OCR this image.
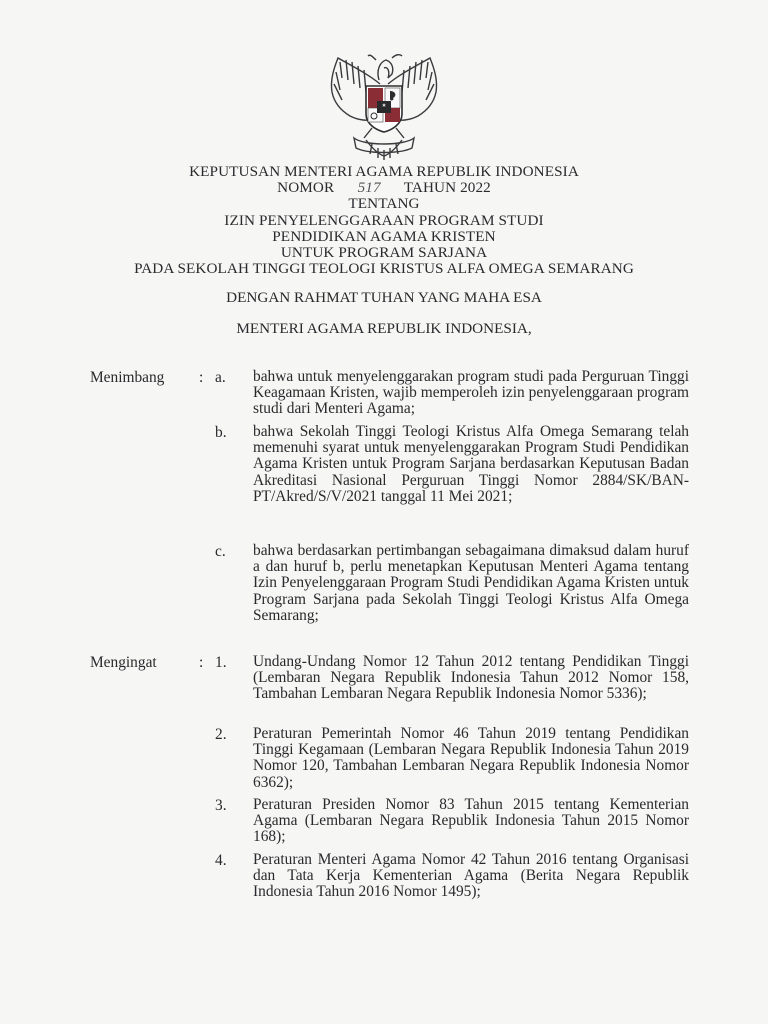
KEPUTUSAN MENTERI AGAMA REPUBLIK INDONESIA
NOMOR 517 TAHUN 2022
TENTANG
IZIN PENYELENGGARAAN PROGRAM STUDI
PENDIDIKAN AGAMA KRISTEN
UNTUK PROGRAM SARJANA
PADA SEKOLAH TINGGI TEOLOGI KRISTUS ALFA OMEGA SEMARANG
DENGAN RAHMAT TUHAN YANG MAHA ESA
MENTERI AGAMA REPUBLIK INDONESIA,
Menimbang : a. bahwa untuk menyelenggarakan program studi pada Perguruan Tinggi Keagamaan Kristen, wajib memperoleh izin penyelenggaraan program studi dari Menteri Agama;
b. bahwa Sekolah Tinggi Teologi Kristus Alfa Omega Semarang telah memenuhi syarat untuk menyelenggarakan Program Studi Pendidikan Agama Kristen untuk Program Sarjana berdasarkan Keputusan Badan Akreditasi Nasional Perguruan Tinggi Nomor 2884/SK/BAN-PT/Akred/S/V/2021 tanggal 11 Mei 2021;
c. bahwa berdasarkan pertimbangan sebagaimana dimaksud dalam huruf a dan huruf b, perlu menetapkan Keputusan Menteri Agama tentang Izin Penyelenggaraan Program Studi Pendidikan Agama Kristen untuk Program Sarjana pada Sekolah Tinggi Teologi Kristus Alfa Omega Semarang;
Mengingat	: 1. Undang-Undang Nomor 12 Tahun 2012 tentang Pendidikan Tinggi (Lembaran Negara Republik Indonesia Tahun 2012 Nomor 158, Tambahan Lembaran Negara Republik Indonesia Nomor 5336);
2. Peraturan Pemerintah Nomor 46 Tahun 2019 tentang Pendidikan Tinggi Kegamaan (Lembaran Negara Republik Indonesia Tahun 2019 Nomor 120, Tambahan Lembaran Negara Republik Indonesia Nomor 6362);
3. Peraturan Presiden Nomor 83 Tahun 2015 tentang Kementerian Agama (Lembaran Negara Republik Indonesia Tahun 2015 Nomor 168);
4. Peraturan Menteri Agama Nomor 42 Tahun 2016 tentang Organisasi dan Tata Kerja Kementerian Agama (Berita Negara Republik Indonesia Tahun 2016 Nomor 1495);
